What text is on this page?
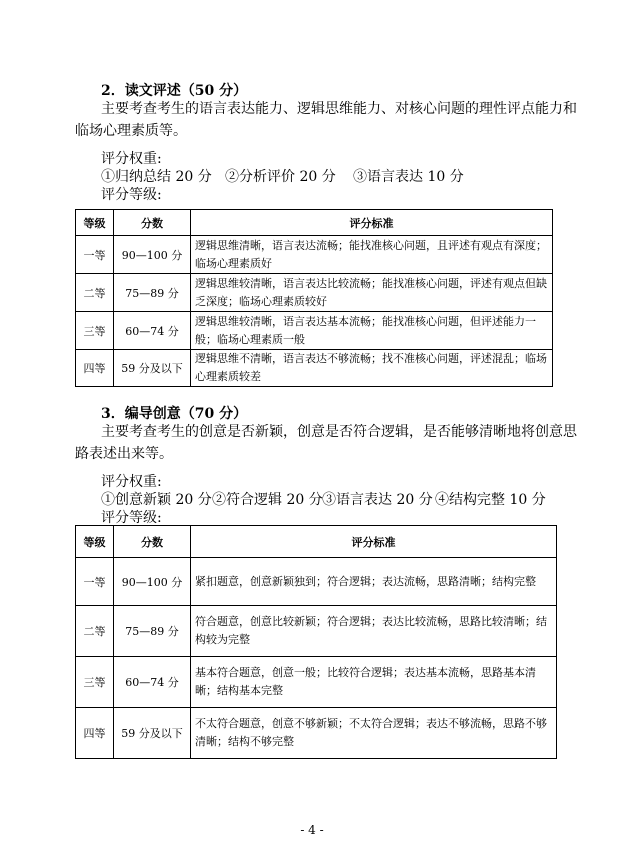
2．读文评述（50 分）
主要考查考生的语言表达能力、逻辑思维能力、对核心问题的理性评点能力和
临场心理素质等。
评分权重:
①归纳总结 20 分 ②分析评价 20 分 ③语言表达 10 分
评分等级:
等级	分数	评分标准
一等	90—100 分	逻辑思维清晰，语言表达流畅；能找准核心问题，且评述有观点有深度；临场心理素质好
二等	75—89 分	逻辑思维较清晰，语言表达比较流畅；能找准核心问题，评述有观点但缺乏深度；临场心理素质较好
三等	60—74 分	逻辑思维较清晰，语言表达基本流畅；能找准核心问题，但评述能力一般；临场心理素质一般
四等	59 分及以下	逻辑思维不清晰，语言表达不够流畅；找不准核心问题，评述混乱；临场心理素质较差
3．编导创意（70 分）
主要考查考生的创意是否新颖，创意是否符合逻辑，是否能够清晰地将创意思
路表述出来等。
评分权重:
①创意新颖 20 分 ②符合逻辑 20 分 ③语言表达 20 分 ④结构完整 10 分
评分等级:
等级	分数	评分标准
一等	90—100 分	紧扣题意，创意新颖独到；符合逻辑；表达流畅，思路清晰；结构完整
二等	75—89 分	符合题意，创意比较新颖；符合逻辑；表达比较流畅，思路比较清晰；结构较为完整
三等	60—74 分	基本符合题意，创意一般；比较符合逻辑；表达基本流畅，思路基本清晰；结构基本完整
四等	59 分及以下	不太符合题意，创意不够新颖；不太符合逻辑；表达不够流畅，思路不够清晰；结构不够完整
- 4 -
